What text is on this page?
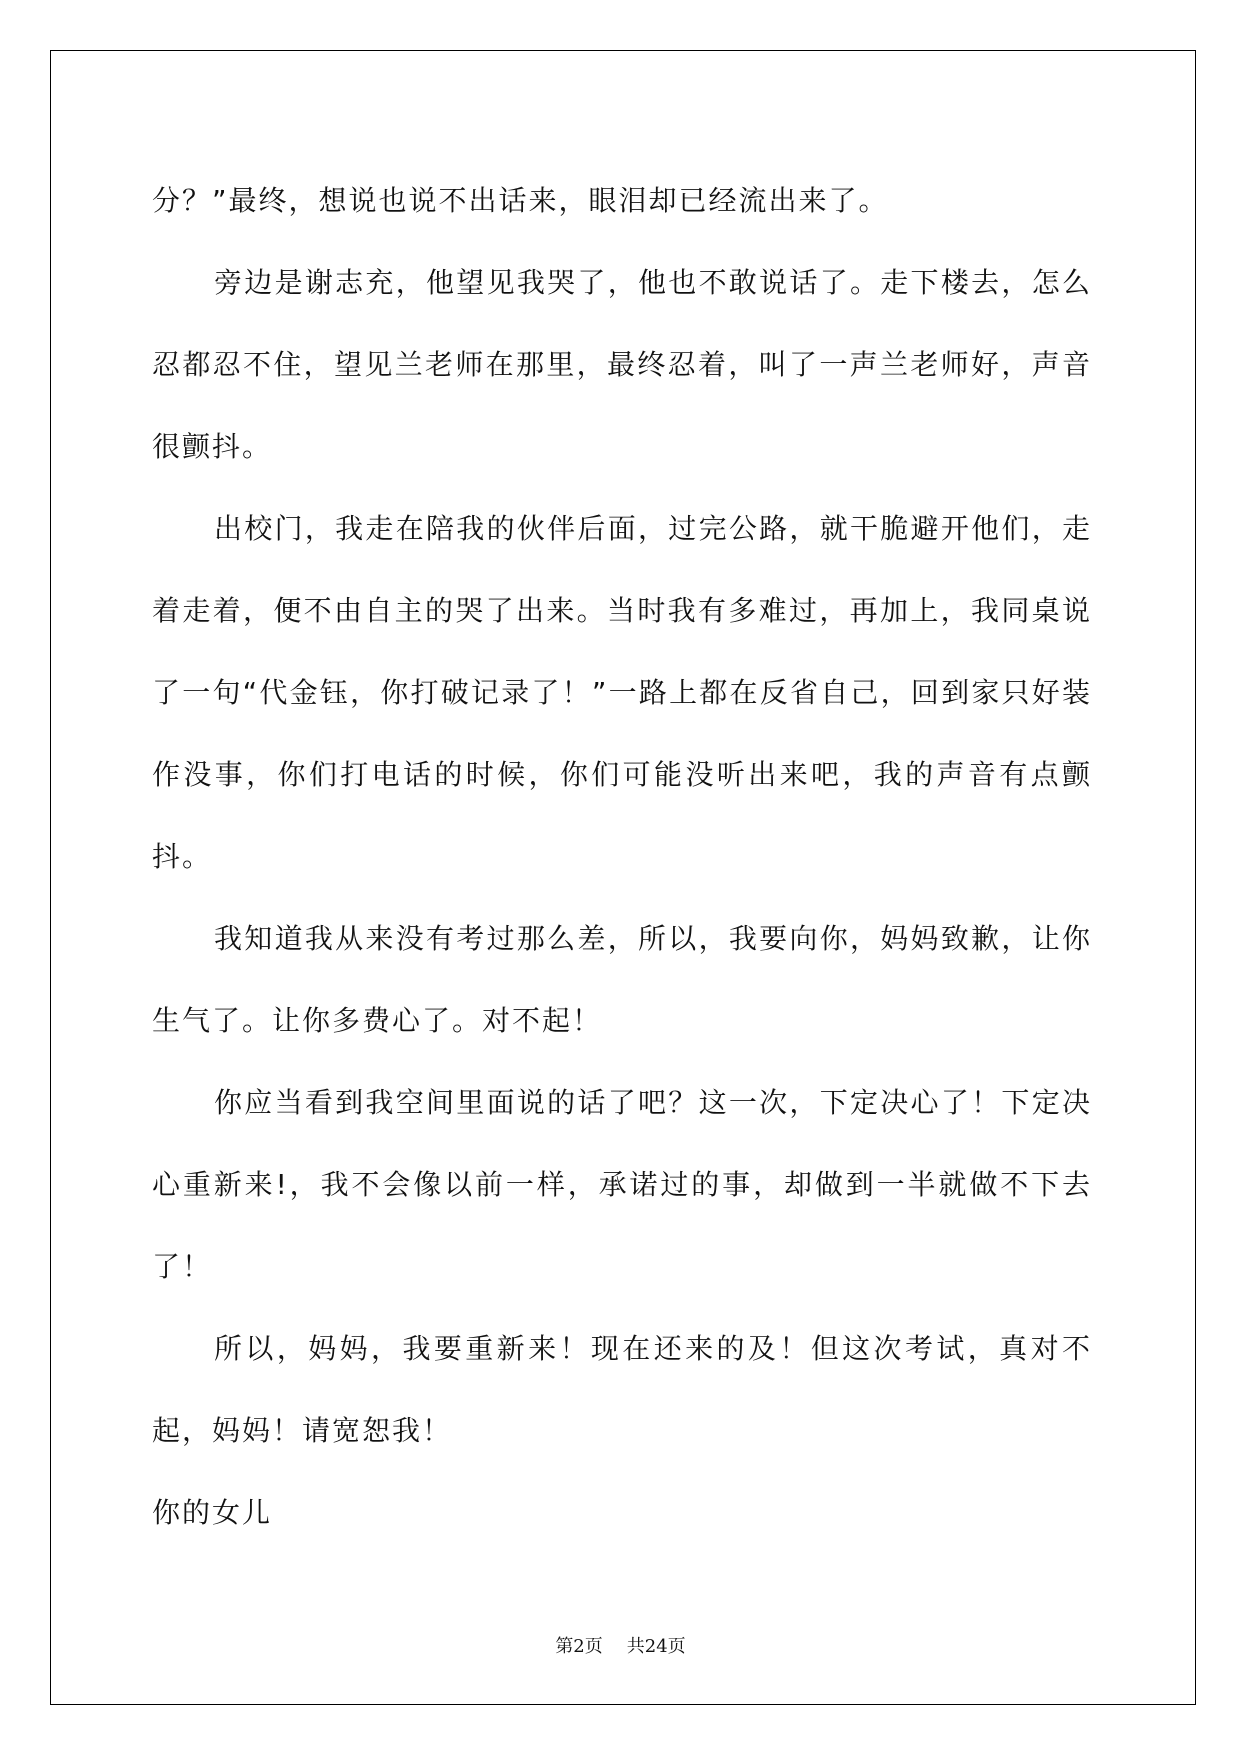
分？”最终，想说也说不出话来，眼泪却已经流出来了。

旁边是谢志充，他望见我哭了，他也不敢说话了。走下楼去，怎么忍都忍不住，望见兰老师在那里，最终忍着，叫了一声兰老师好，声音很颤抖。

出校门，我走在陪我的伙伴后面，过完公路，就干脆避开他们，走着走着，便不由自主的哭了出来。当时我有多难过，再加上，我同桌说了一句“代金钰，你打破记录了！”一路上都在反省自己，回到家只好装作没事，你们打电话的时候，你们可能没听出来吧，我的声音有点颤抖。

我知道我从来没有考过那么差，所以，我要向你，妈妈致歉，让你生气了。让你多费心了。对不起！

你应当看到我空间里面说的话了吧？这一次，下定决心了！下定决心重新来!，我不会像以前一样，承诺过的事，却做到一半就做不下去了！

所以，妈妈，我要重新来！现在还来的及！但这次考试，真对不起，妈妈！请宽恕我！

你的女儿

第2页 共24页
